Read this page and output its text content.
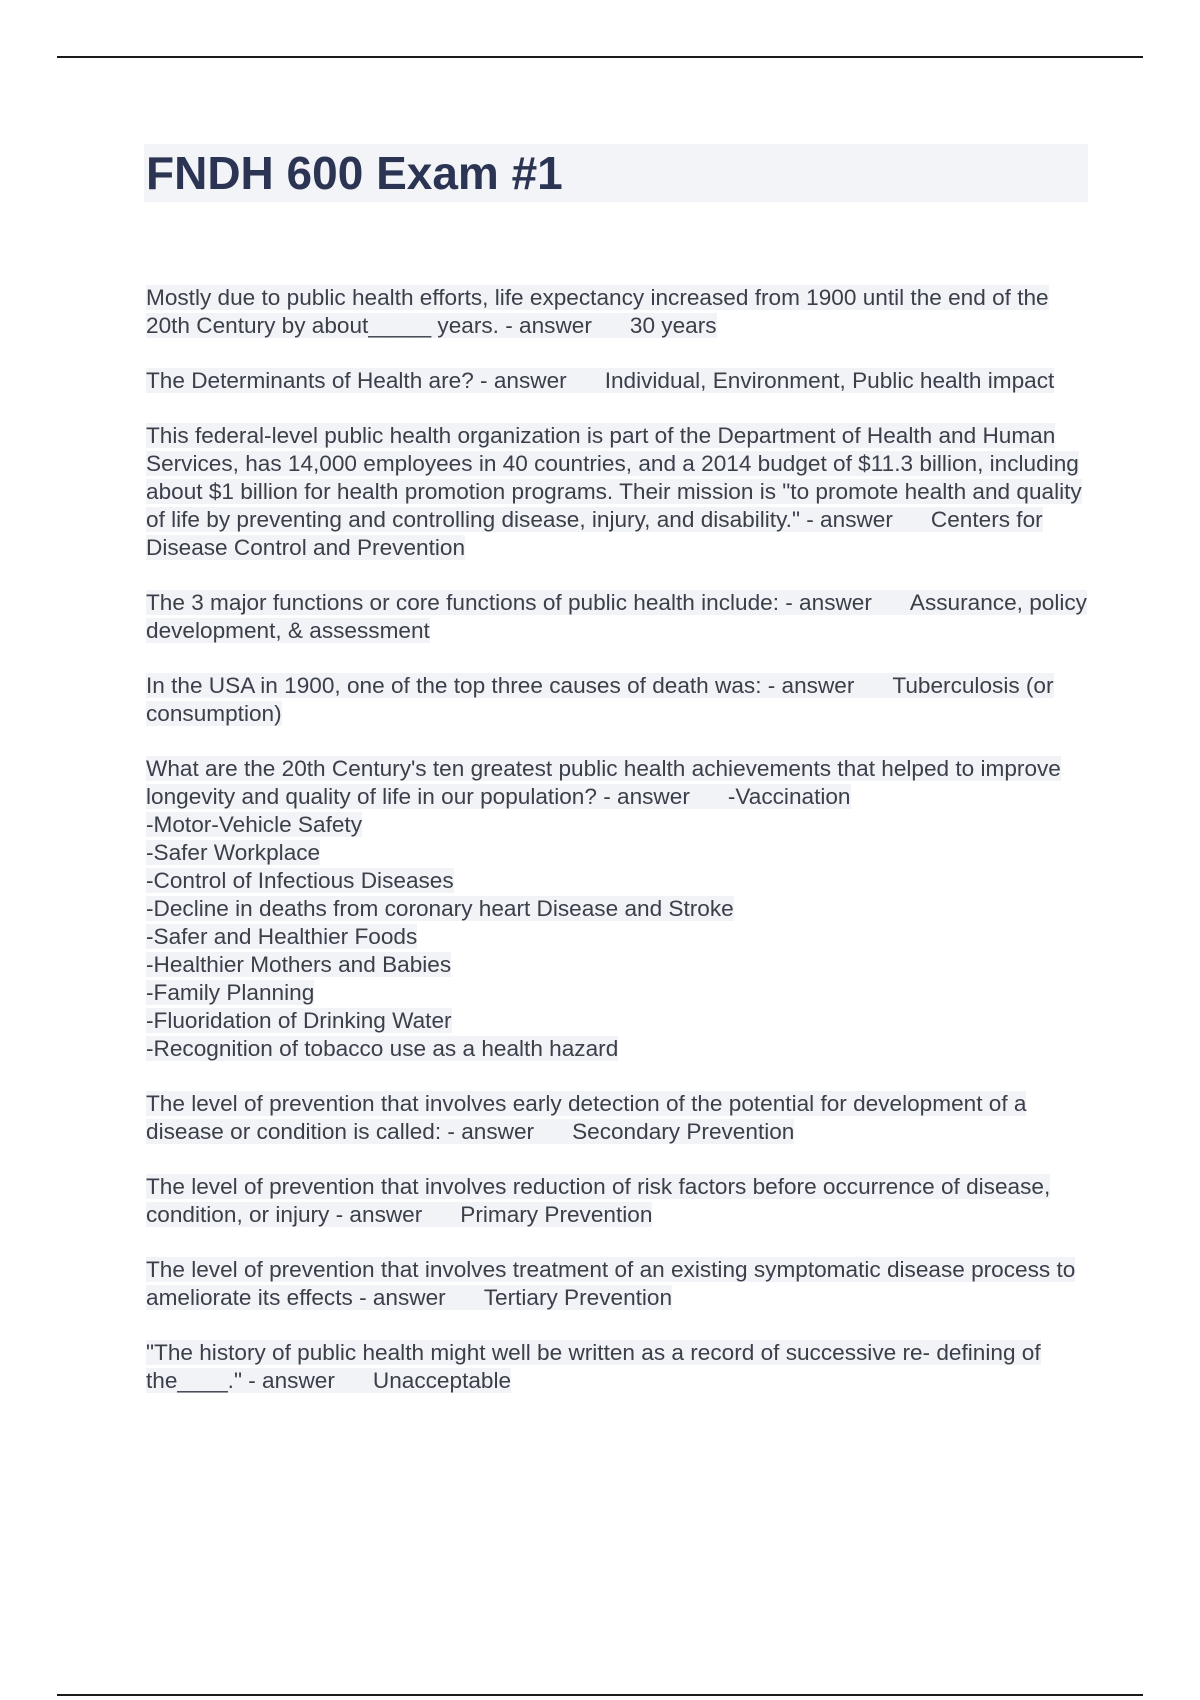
FNDH 600 Exam #1

Mostly due to public health efforts, life expectancy increased from 1900 until the end of the 20th Century by about_____ years. - answer 30 years

The Determinants of Health are? - answer Individual, Environment, Public health impact

This federal-level public health organization is part of the Department of Health and Human Services, has 14,000 employees in 40 countries, and a 2014 budget of $11.3 billion, including about $1 billion for health promotion programs. Their mission is "to promote health and quality of life by preventing and controlling disease, injury, and disability." - answer Centers for Disease Control and Prevention

The 3 major functions or core functions of public health include: - answer Assurance, policy development, & assessment

In the USA in 1900, one of the top three causes of death was: - answer Tuberculosis (or consumption)

What are the 20th Century's ten greatest public health achievements that helped to improve longevity and quality of life in our population? - answer -Vaccination
-Motor-Vehicle Safety
-Safer Workplace
-Control of Infectious Diseases
-Decline in deaths from coronary heart Disease and Stroke
-Safer and Healthier Foods
-Healthier Mothers and Babies
-Family Planning
-Fluoridation of Drinking Water
-Recognition of tobacco use as a health hazard

The level of prevention that involves early detection of the potential for development of a disease or condition is called: - answer Secondary Prevention

The level of prevention that involves reduction of risk factors before occurrence of disease, condition, or injury - answer Primary Prevention

The level of prevention that involves treatment of an existing symptomatic disease process to ameliorate its effects - answer Tertiary Prevention

"The history of public health might well be written as a record of successive re- defining of the____." - answer Unacceptable
